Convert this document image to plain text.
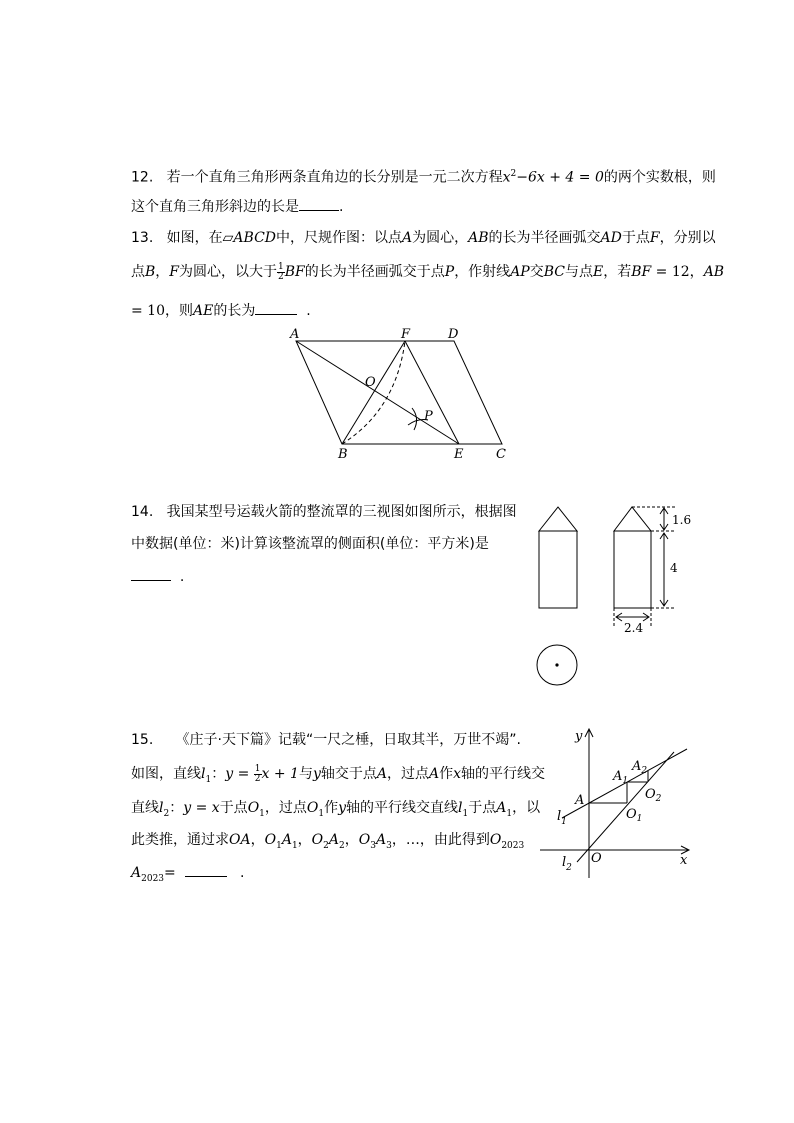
12. 若一个直角三角形两条直角边的长分别是一元二次方程$x^2-6x + 4 = 0$的两个实数根，则
这个直角三角形斜边的长是	.
13. 如图，在▱ABCD中，尺规作图：以点A为圆心，AB的长为半径画弧交AD于点F，分别以
点B，F为圆心，以大于 $\frac{1}{2}$ BF的长为半径画弧交于点P，作射线AP交BC与点E，若BF = 12，AB
= 10，则AE的长为	.
A	F	D
O
P
B	E	C
14. 我国某型号运载火箭的整流罩的三视图如图所示，根据图
中数据(单位：米)计算该整流罩的侧面积(单位：平方米)是
.
1.6
4
2.4
15. 《庄子·天下篇》记载“一尺之棰，日取其半，万世不竭”.
如图，直线$l_1$：$y = \frac{1}{2}$ x + 1与y轴交于点A，过点A作x轴的平行线交
直线$l_2$：y = x于点$O_1$，过点$O_1$作y轴的平行线交直线$l_1$于点$A_1$，以
此类推，通过求OA，$O_1A_1$，$O_2A_2$，$O_3A_3$，…，由此得到$O_{2023}$
$A_{2023}=$	.
y
x
O
A
$A_1$
$A_2$
$O_1$
$O_2$
$l_1$
$l_2$
